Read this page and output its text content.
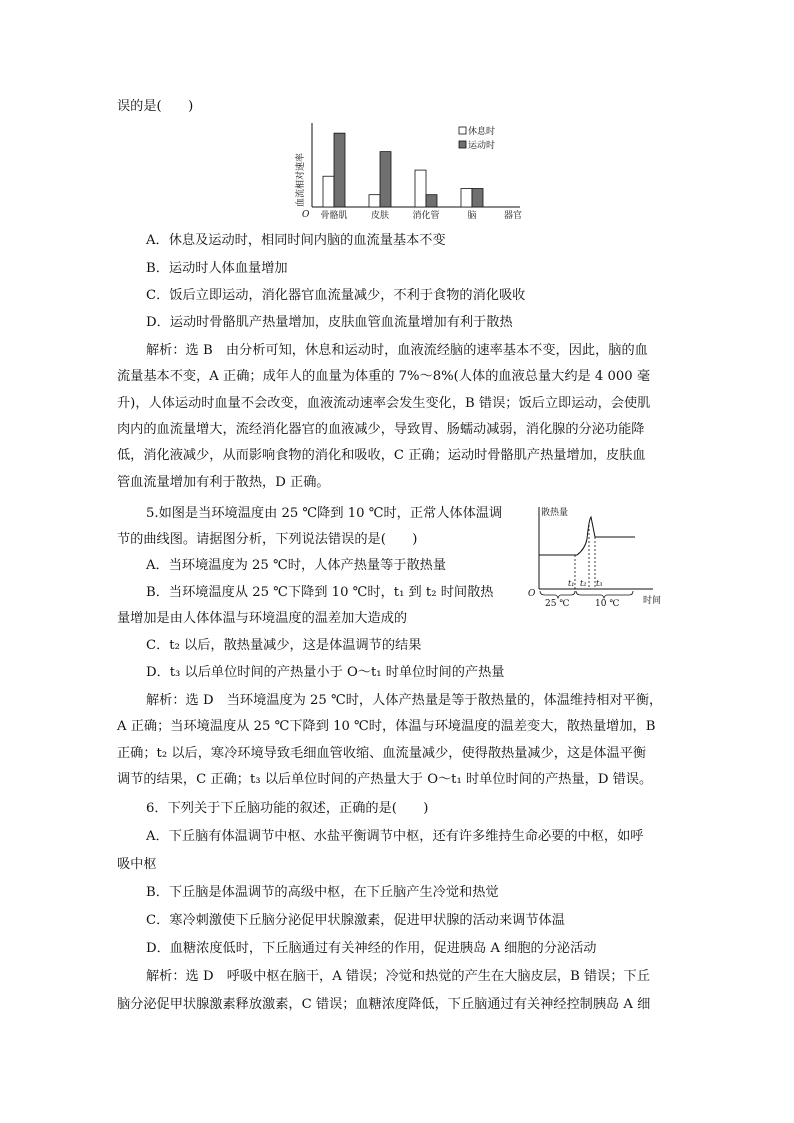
误的是(　　)
血流相对速率
O	器官
休息时
运动时
骨骼肌	皮肤	消化管	脑
A．休息及运动时，相同时间内脑的血流量基本不变
B．运动时人体血量增加
C．饭后立即运动，消化器官血流量减少，不利于食物的消化吸收
D．运动时骨骼肌产热量增加，皮肤血管血流量增加有利于散热
解析：选 B　由分析可知，休息和运动时，血液流经脑的速率基本不变，因此，脑的血
流量基本不变，A 正确；成年人的血量为体重的 7%～8%(人体的血液总量大约是 4 000 毫
升)，人体运动时血量不会改变，血液流动速率会发生变化，B 错误；饭后立即运动，会使肌
肉内的血流量增大，流经消化器官的血液减少，导致胃、肠蠕动减弱，消化腺的分泌功能降
低，消化液减少，从而影响食物的消化和吸收，C 正确；运动时骨骼肌产热量增加，皮肤血
管血流量增加有利于散热，D 正确。
5.如图是当环境温度由 25 ℃降到 10 ℃时，正常人体体温调
节的曲线图。请据图分析，下列说法错误的是(　　)
A．当环境温度为 25 ℃时，人体产热量等于散热量
B．当环境温度从 25 ℃下降到 10 ℃时，t₁ 到 t₂ 时间散热
量增加是由人体体温与环境温度的温差加大造成的
C．t₂ 以后，散热量减少，这是体温调节的结果
D．t₃ 以后单位时间的产热量小于 O～t₁ 时单位时间的产热量
散热量
O
t₁ t₂ t₃
25 ℃	10 ℃	时间
解析：选 D　当环境温度为 25 ℃时，人体产热量是等于散热量的，体温维持相对平衡，
A 正确；当环境温度从 25 ℃下降到 10 ℃时，体温与环境温度的温差变大，散热量增加，B
正确；t₂ 以后，寒冷环境导致毛细血管收缩、血流量减少，使得散热量减少，这是体温平衡
调节的结果，C 正确；t₃ 以后单位时间的产热量大于 O～t₁ 时单位时间的产热量，D 错误。
6．下列关于下丘脑功能的叙述，正确的是(　　)
A．下丘脑有体温调节中枢、水盐平衡调节中枢，还有许多维持生命必要的中枢，如呼
吸中枢
B．下丘脑是体温调节的高级中枢，在下丘脑产生冷觉和热觉
C．寒冷刺激使下丘脑分泌促甲状腺激素，促进甲状腺的活动来调节体温
D．血糖浓度低时，下丘脑通过有关神经的作用，促进胰岛 A 细胞的分泌活动
解析：选 D　呼吸中枢在脑干，A 错误；冷觉和热觉的产生在大脑皮层，B 错误；下丘
脑分泌促甲状腺激素释放激素，C 错误；血糖浓度降低，下丘脑通过有关神经控制胰岛 A 细
